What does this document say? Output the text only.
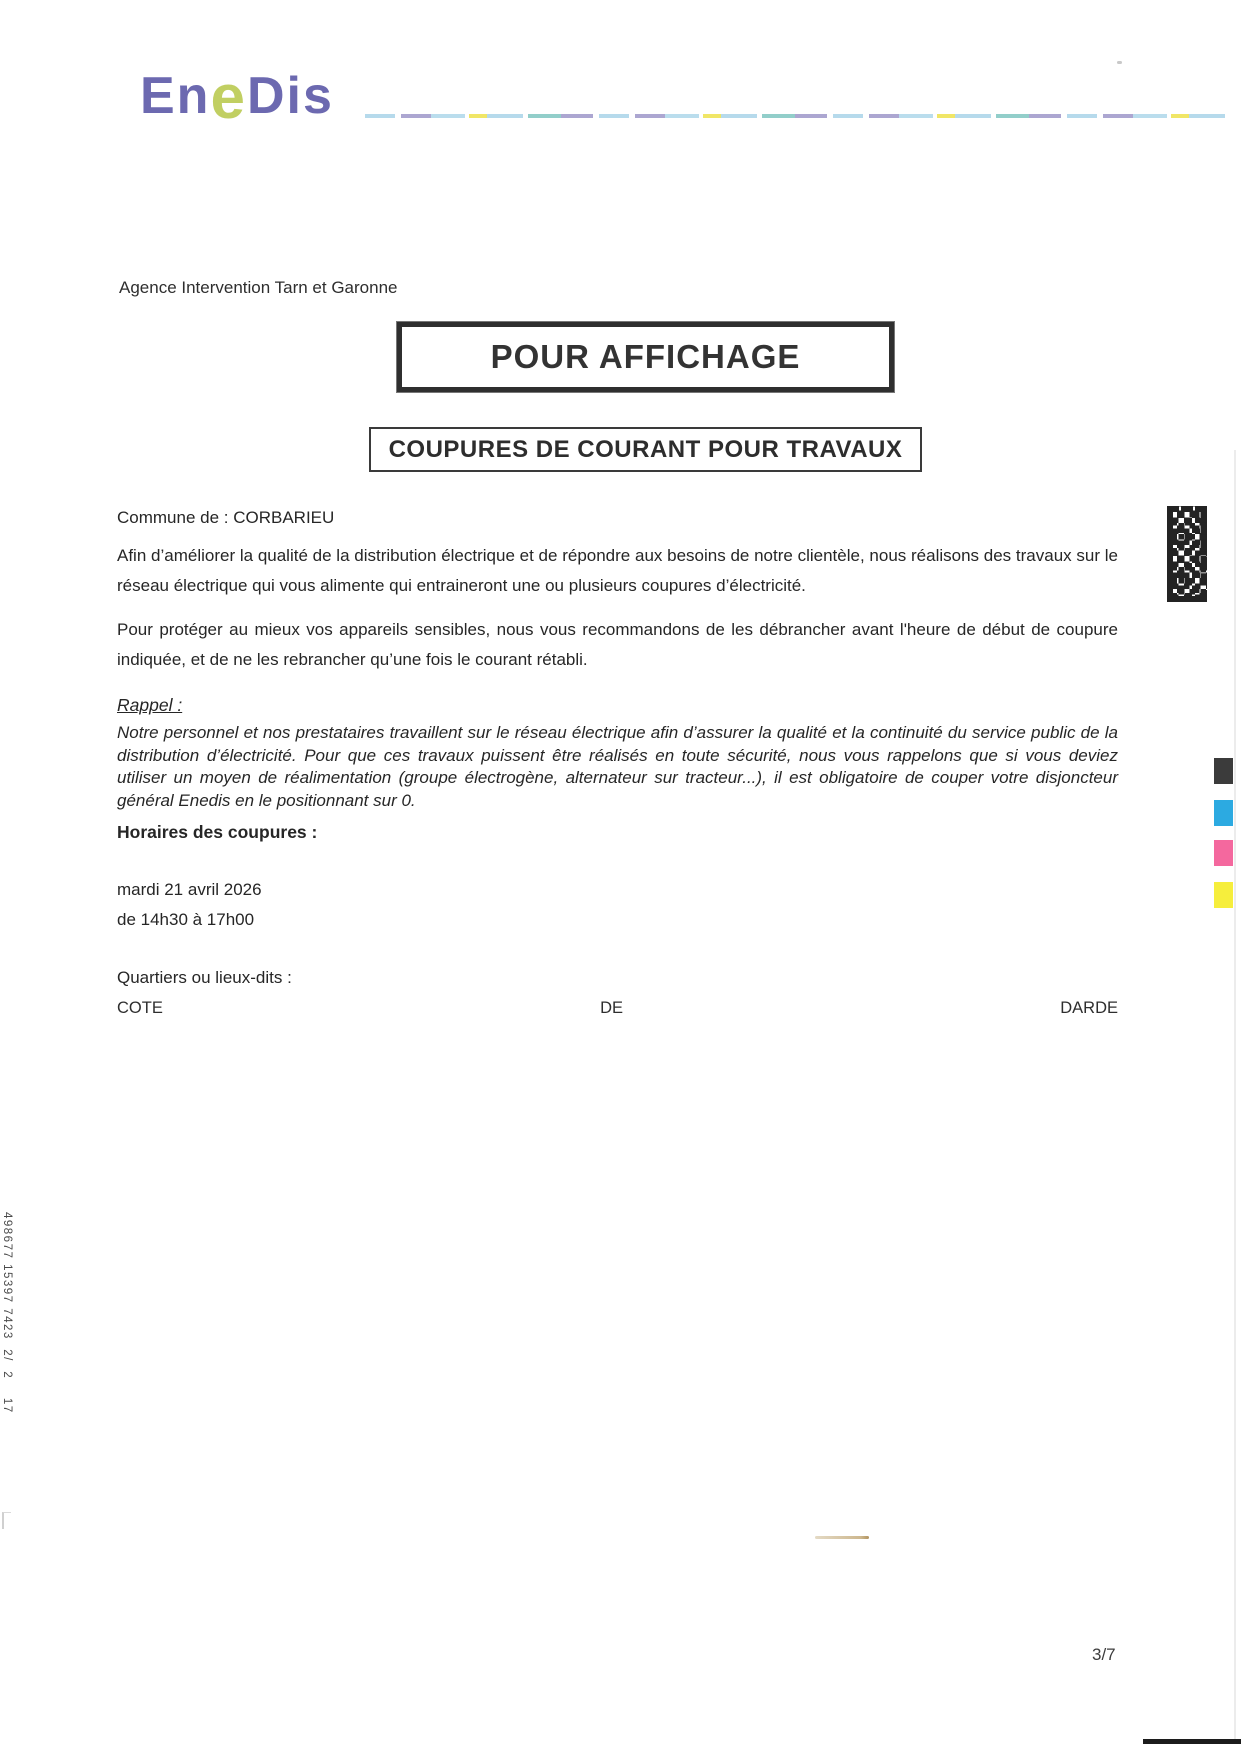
EneDis
Agence Intervention Tarn et Garonne
POUR AFFICHAGE
COUPURES DE COURANT POUR TRAVAUX
Commune de : CORBARIEU
Afin d’améliorer la qualité de la distribution électrique et de répondre aux besoins de notre clientèle, nous réalisons des travaux sur le réseau électrique qui vous alimente qui entraineront une ou plusieurs coupures d’électricité.
Pour protéger au mieux vos appareils sensibles, nous vous recommandons de les débrancher avant l'heure de début de coupure indiquée, et de ne les rebrancher qu’une fois le courant rétabli.
Rappel :
Notre personnel et nos prestataires travaillent sur le réseau électrique afin d’assurer la qualité et la continuité du service public de la distribution d’électricité. Pour que ces travaux puissent être réalisés en toute sécurité, nous vous rappelons que si vous deviez utiliser un moyen de réalimentation (groupe électrogène, alternateur sur tracteur...), il est obligatoire de couper votre disjoncteur général Enedis en le positionnant sur 0.
Horaires des coupures :
mardi 21 avril 2026
de 14h30 à 17h00
Quartiers ou lieux-dits :
COTE	DE	DARDE
498677 15397 7423  2/  2    17
3/7
